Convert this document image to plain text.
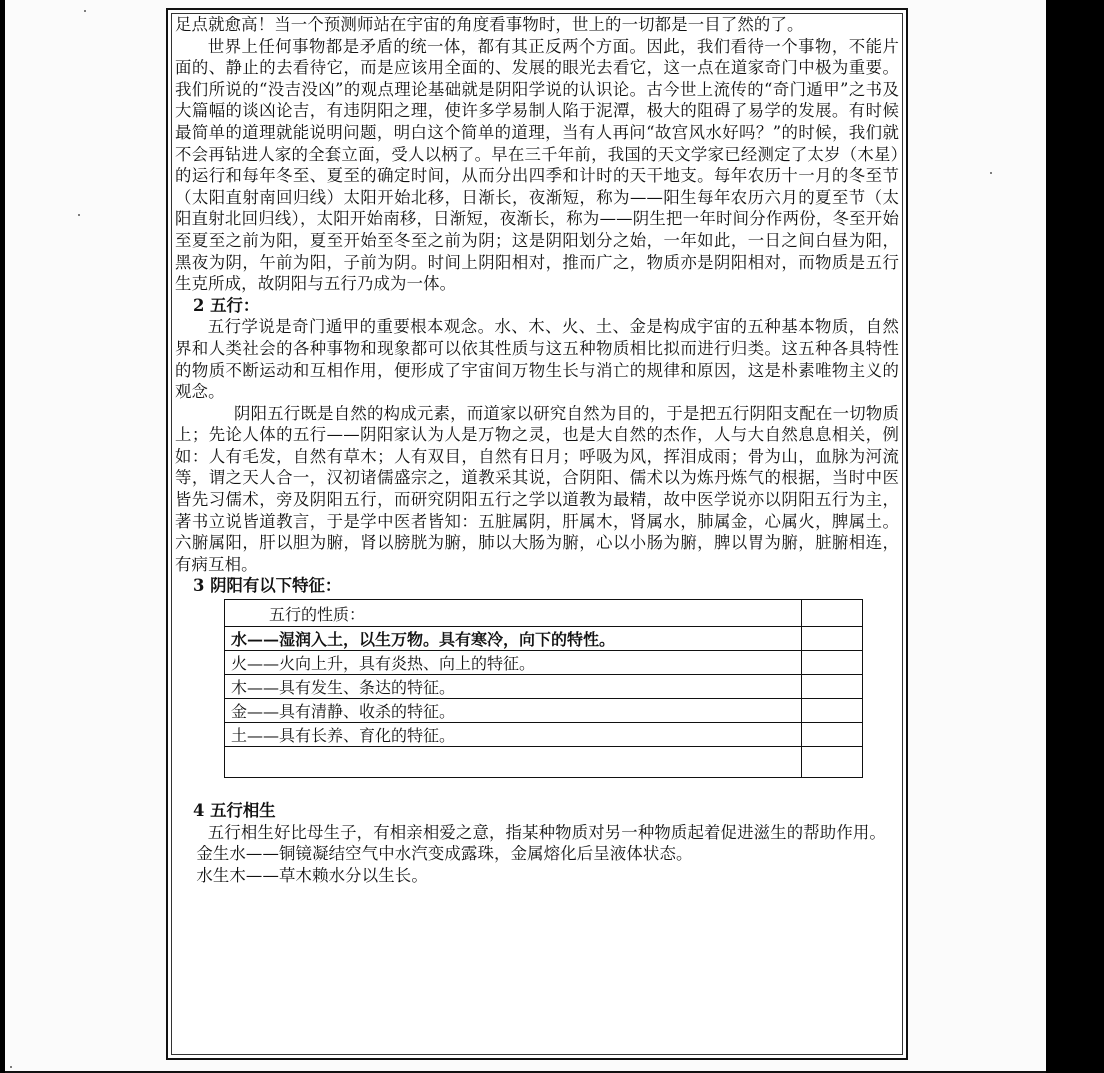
足点就愈高！当一个预测师站在宇宙的角度看事物时，世上的一切都是一目了然的了。

世界上任何事物都是矛盾的统一体，都有其正反两个方面。因此，我们看待一个事物，不能片面的、静止的去看待它，而是应该用全面的、发展的眼光去看它，这一点在道家奇门中极为重要。我们所说的“没吉没凶”的观点理论基础就是阴阳学说的认识论。古今世上流传的“奇门遁甲”之书及大篇幅的谈凶论吉，有违阴阳之理，使许多学易制人陷于泥潭，极大的阻碍了易学的发展。有时候最简单的道理就能说明问题，明白这个简单的道理，当有人再问“故宫风水好吗？”的时候，我们就不会再钻进人家的全套立面，受人以柄了。早在三千年前，我国的天文学家已经测定了太岁（木星）的运行和每年冬至、夏至的确定时间，从而分出四季和计时的天干地支。每年农历十一月的冬至节（太阳直射南回归线）太阳开始北移，日渐长，夜渐短，称为——阳生每年农历六月的夏至节（太阳直射北回归线），太阳开始南移，日渐短，夜渐长，称为——阴生把一年时间分作两份，冬至开始至夏至之前为阳，夏至开始至冬至之前为阴；这是阴阳划分之始，一年如此，一日之间白昼为阳，黑夜为阴，午前为阳，子前为阴。时间上阴阳相对，推而广之，物质亦是阴阳相对，而物质是五行生克所成，故阴阳与五行乃成为一体。

2 五行：

五行学说是奇门遁甲的重要根本观念。水、木、火、土、金是构成宇宙的五种基本物质，自然界和人类社会的各种事物和现象都可以依其性质与这五种物质相比拟而进行归类。这五种各具特性的物质不断运动和互相作用，便形成了宇宙间万物生长与消亡的规律和原因，这是朴素唯物主义的观念。

阴阳五行既是自然的构成元素，而道家以研究自然为目的，于是把五行阴阳支配在一切物质上；先论人体的五行——阴阳家认为人是万物之灵，也是大自然的杰作，人与大自然息息相关，例如：人有毛发，自然有草木；人有双目，自然有日月；呼吸为风，挥泪成雨；骨为山，血脉为河流等，谓之天人合一，汉初诸儒盛宗之，道教采其说，合阴阳、儒术以为炼丹炼气的根据，当时中医皆先习儒术，旁及阴阳五行，而研究阴阳五行之学以道教为最精，故中医学说亦以阴阳五行为主，著书立说皆道教言，于是学中医者皆知：五脏属阴，肝属木，肾属水，肺属金，心属火，脾属土。六腑属阳，肝以胆为腑，肾以膀胱为腑，肺以大肠为腑，心以小肠为腑，脾以胃为腑，脏腑相连，有病互相。

3 阴阳有以下特征：

五行的性质：	
水——湿润入土，以生万物。具有寒冷，向下的特性。	
火——火向上升，具有炎热、向上的特征。	
木——具有发生、条达的特征。	
金——具有清静、收杀的特征。	
土——具有长养、育化的特征。	

4 五行相生

五行相生好比母生子，有相亲相爱之意，指某种物质对另一种物质起着促进滋生的帮助作用。

金生水——铜镜凝结空气中水汽变成露珠，金属熔化后呈液体状态。

水生木——草木赖水分以生长。
